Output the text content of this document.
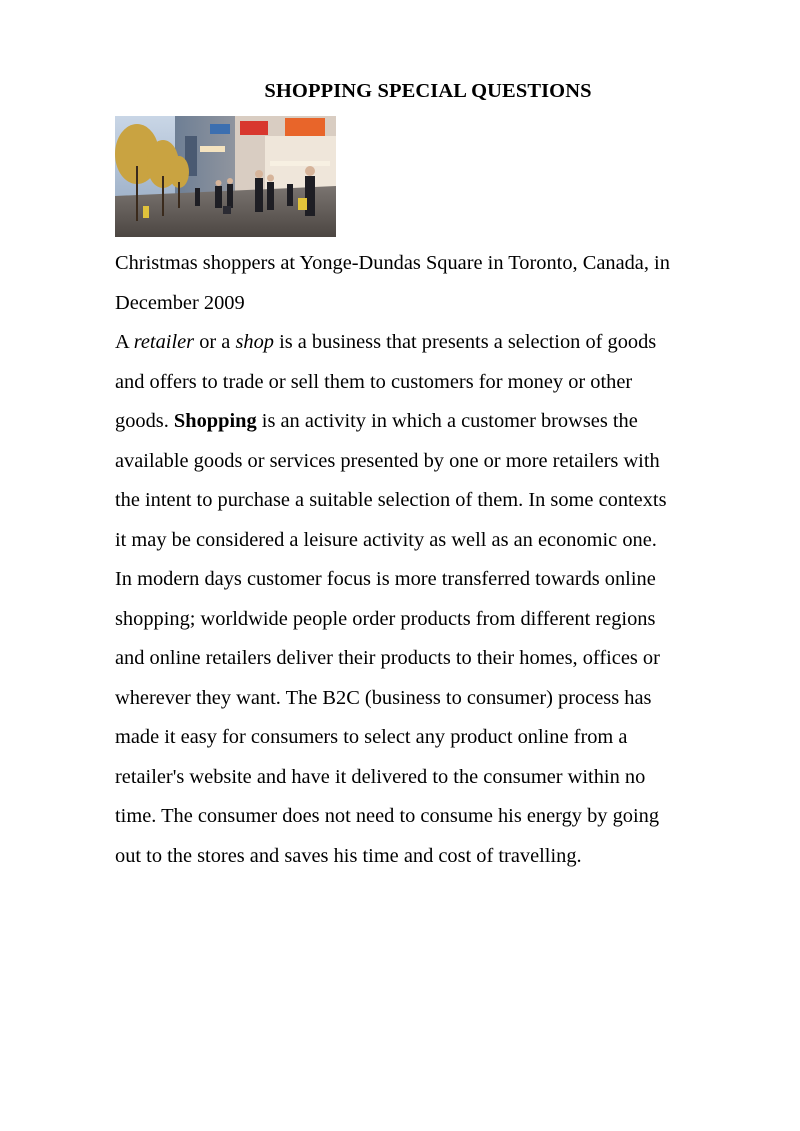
SHOPPING SPECIAL QUESTIONS

Christmas shoppers at Yonge-Dundas Square in Toronto, Canada, in
December 2009

A retailer or a shop is a business that presents a selection of goods
and offers to trade or sell them to customers for money or other
goods. Shopping is an activity in which a customer browses the
available goods or services presented by one or more retailers with
the intent to purchase a suitable selection of them. In some contexts
it may be considered a leisure activity as well as an economic one.
In modern days customer focus is more transferred towards online
shopping; worldwide people order products from different regions
and online retailers deliver their products to their homes, offices or
wherever they want. The B2C (business to consumer) process has
made it easy for consumers to select any product online from a
retailer's website and have it delivered to the consumer within no
time. The consumer does not need to consume his energy by going
out to the stores and saves his time and cost of travelling.
